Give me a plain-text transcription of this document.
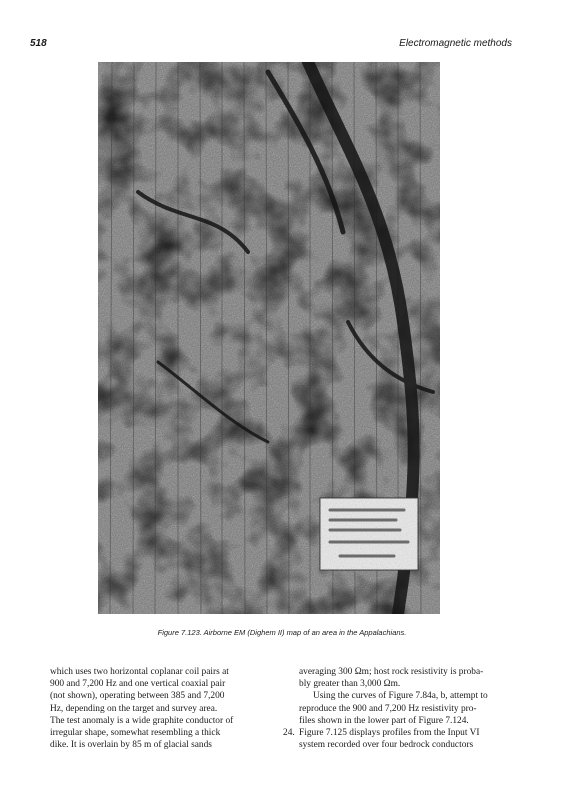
518	Electromagnetic methods
Figure 7.123. Airborne EM (Dighem II) map of an area in the Appalachians.

which uses two horizontal coplanar coil pairs at

900 and 7,200 Hz and one vertical coaxial pair

(not shown), operating between 385 and 7,200

Hz, depending on the target and survey area.

The test anomaly is a wide graphite conductor of

irregular shape, somewhat resembling a thick

dike. It is overlain by 85 m of glacial sands

averaging 300 Ωm; host rock resistivity is proba-

bly greater than 3,000 Ωm.

Using the curves of Figure 7.84a, b, attempt to

reproduce the 900 and 7,200 Hz resistivity pro-

files shown in the lower part of Figure 7.124.

24. Figure 7.125 displays profiles from the Input VI

system recorded over four bedrock conductors
